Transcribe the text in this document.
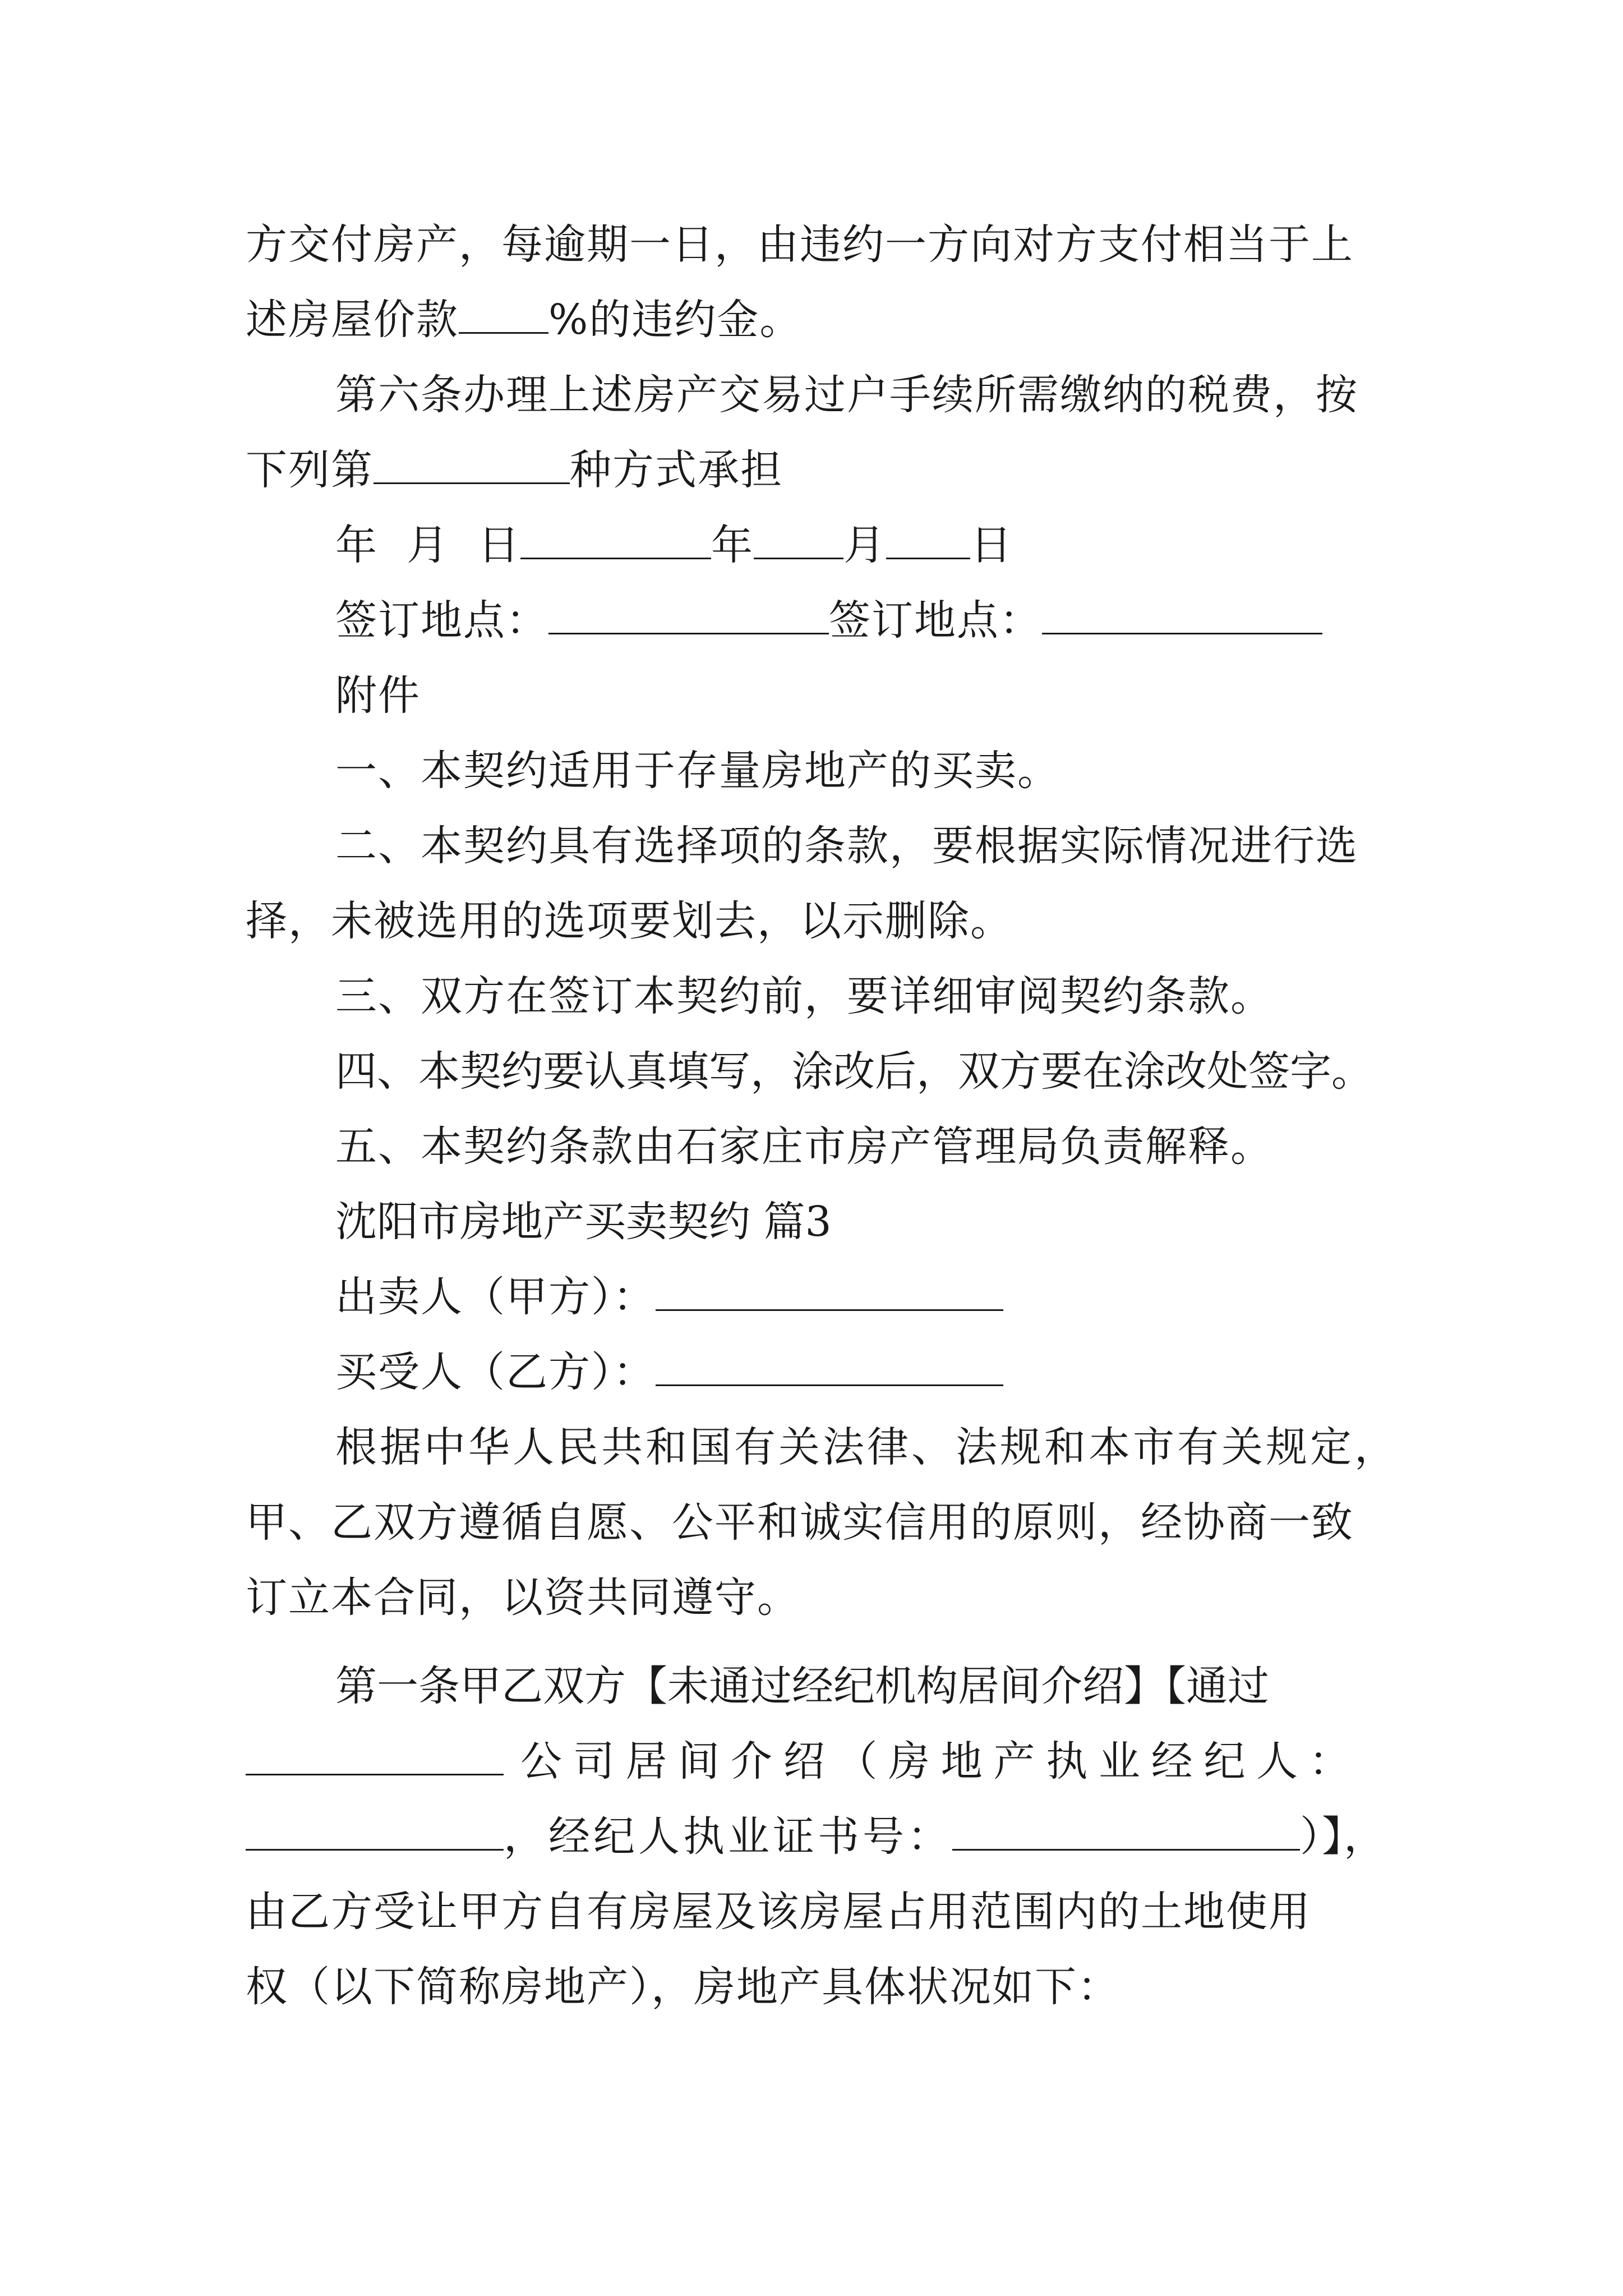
方交付房产，每逾期一日，由违约一方向对方支付相当于上
述房屋价款 %的违约金。
第六条办理上述房产交易过户手续所需缴纳的税费，按
下列第	种方式承担
年  月  日	年 月 日
签订地点：	签订地点：
附件
一、本契约适用于存量房地产的买卖。
二、本契约具有选择项的条款，要根据实际情况进行选
择，未被选用的选项要划去，以示删除。
三、双方在签订本契约前，要详细审阅契约条款。
四、本契约要认真填写，涂改后，双方要在涂改处签字。
五、本契约条款由石家庄市房产管理局负责解释。
沈阳市房地产买卖契约 篇3
出卖人（甲方）：
买受人（乙方）：
根据中华人民共和国有关法律、法规和本市有关规定，
甲、乙双方遵循自愿、公平和诚实信用的原则，经协商一致
订立本合同，以资共同遵守。
第一条甲乙双方【未通过经纪机构居间介绍】【通过
公 司 居 间 介 绍 （ 房 地 产 执 业 经 纪 人 ：
，经纪人执业证书号：	）】，
由乙方受让甲方自有房屋及该房屋占用范围内的土地使用
权（以下简称房地产），房地产具体状况如下：
